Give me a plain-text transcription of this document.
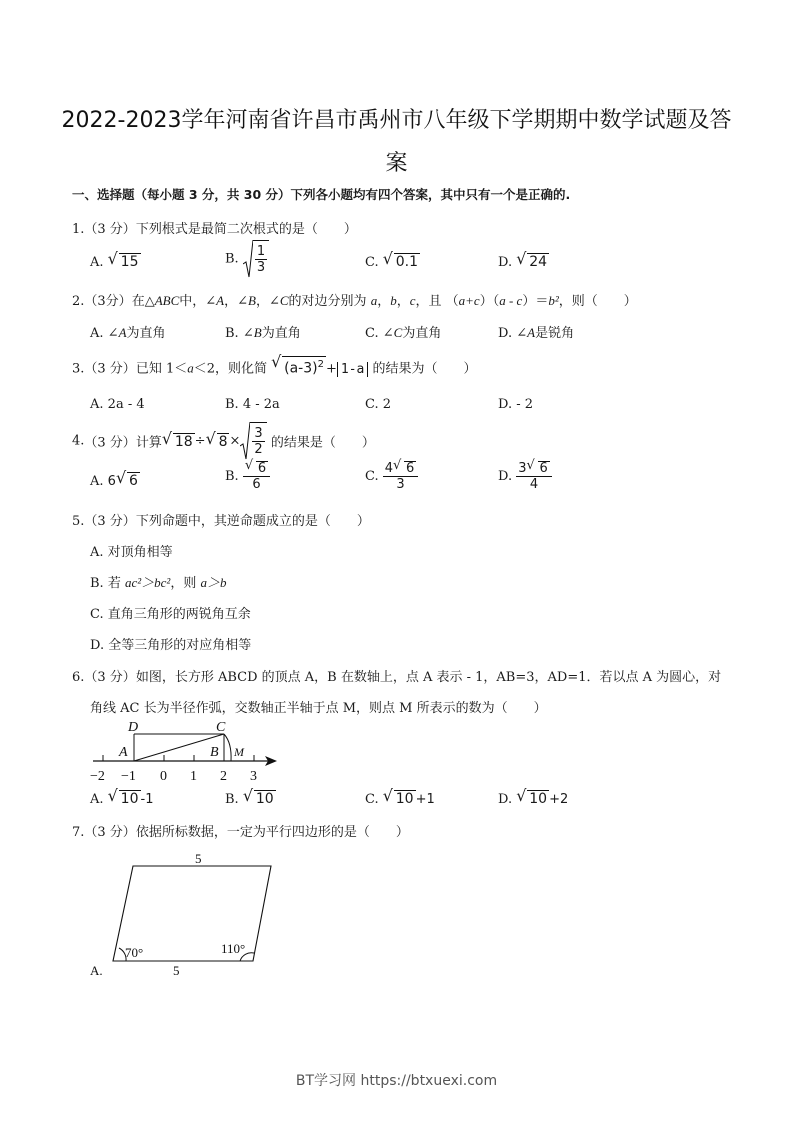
2022-2023学年河南省许昌市禹州市八年级下学期期中数学试题及答
案
一、选择题（每小题 3 分，共 30 分）下列各小题均有四个答案，其中只有一个是正确的.
1.（3 分）下列根式是最简二次根式的是（　　）
A. √ 15	B. $\frac{1}{3}$	C. √ 0.1	D. √ 24
2.（3分）在△ABC中，∠A，∠B，∠C的对边分别为 a，b，c，且 （a+c）（a - c）＝b²，则（　　）
A. ∠A为直角	B. ∠B为直角	C. ∠C为直角	D. ∠A是锐角
3.（3 分）已知 1＜a＜2，则化简 √ $(a-3)^2 + 1-a$ 的结果为（　　）
A. 2a - 4	B. 4 - 2a	C. 2	D. - 2
4.（3 分）计算 √ 18 ÷ √ $8 \times \frac{3}{2}$ 的结果是（　　）
A. 6 √ 6	B. $\frac{√ 6}{6}$	C. $\frac{4 √ 6}{3}$	D. $\frac{3 √ 6}{4}$
5.（3 分）下列命题中，其逆命题成立的是（　　）
A. 对顶角相等
B. 若 ac²＞bc²，则 a＞b
C. 直角三角形的两锐角互余
D. 全等三角形的对应角相等
6.（3 分）如图，长方形 ABCD 的顶点 A，B 在数轴上，点 A 表示 - 1，AB=3，AD=1．若以点 A 为圆心，对
角线 AC 长为半径作弧，交数轴正半轴于点 M，则点 M 所表示的数为（　　）
D	C
A	B M
−2 −1 0 1 2 3
A. √ 10 -1	B. √ 10	C. √ 10 +1	D. √ 10 +2
7.（3 分）依据所标数据，一定为平行四边形的是（　　）
5
5
70°	110°
A.
BT学习网 https://btxuexi.com
